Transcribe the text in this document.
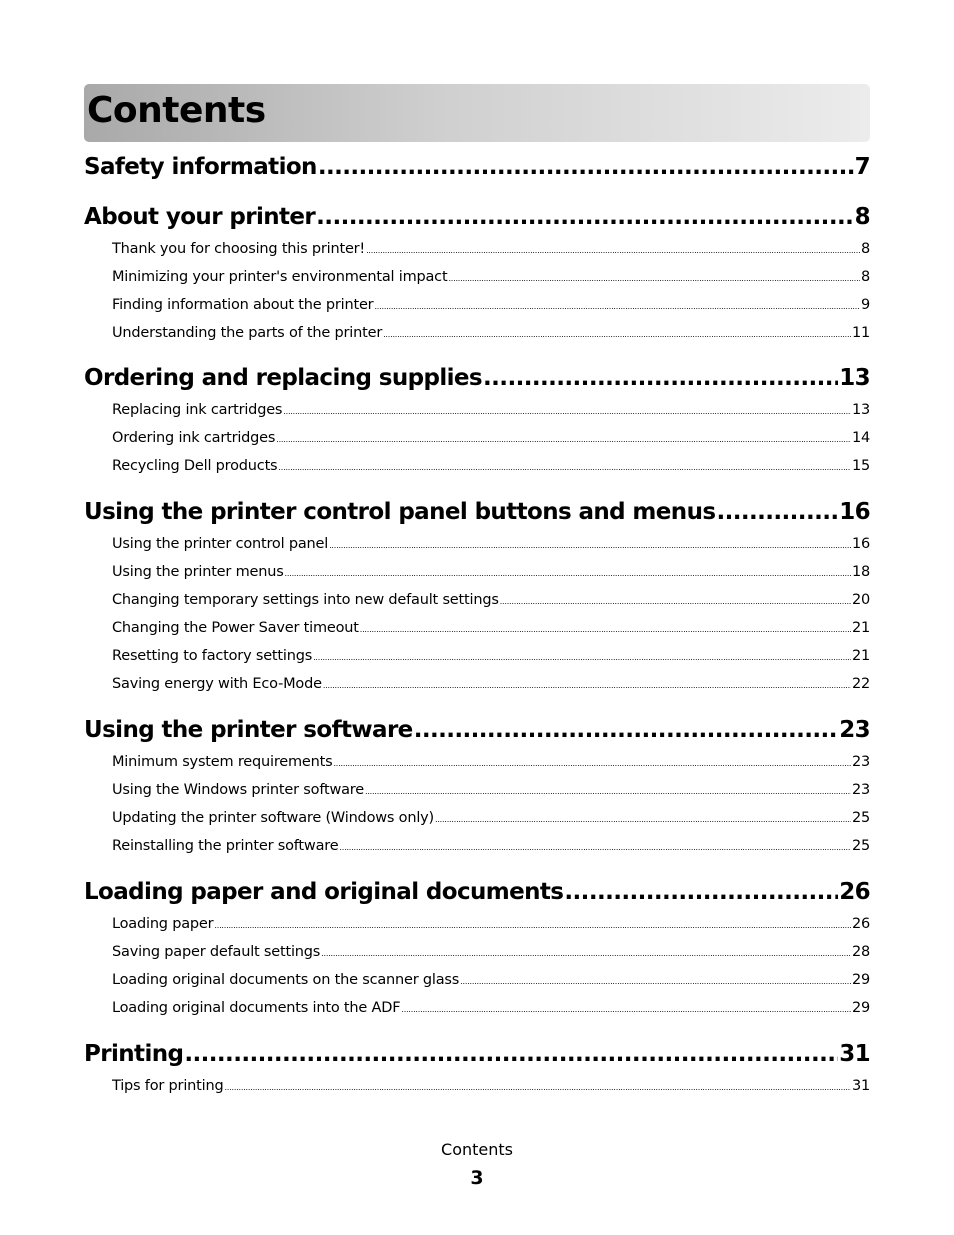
Contents
Safety information .....	7
About your printer .....	8
Thank you for choosing this printer! .....	8
Minimizing your printer's environmental impact .....	8
Finding information about the printer .....	9
Understanding the parts of the printer .....	11
Ordering and replacing supplies .....	13
Replacing ink cartridges .....	13
Ordering ink cartridges .....	14
Recycling Dell products .....	15
Using the printer control panel buttons and menus .....	16
Using the printer control panel .....	16
Using the printer menus .....	18
Changing temporary settings into new default settings .....	20
Changing the Power Saver timeout .....	21
Resetting to factory settings .....	21
Saving energy with Eco-Mode .....	22
Using the printer software .....	23
Minimum system requirements .....	23
Using the Windows printer software .....	23
Updating the printer software (Windows only) .....	25
Reinstalling the printer software .....	25
Loading paper and original documents .....	26
Loading paper .....	26
Saving paper default settings .....	28
Loading original documents on the scanner glass .....	29
Loading original documents into the ADF .....	29
Printing .....	31
Tips for printing .....	31
Contents
3
